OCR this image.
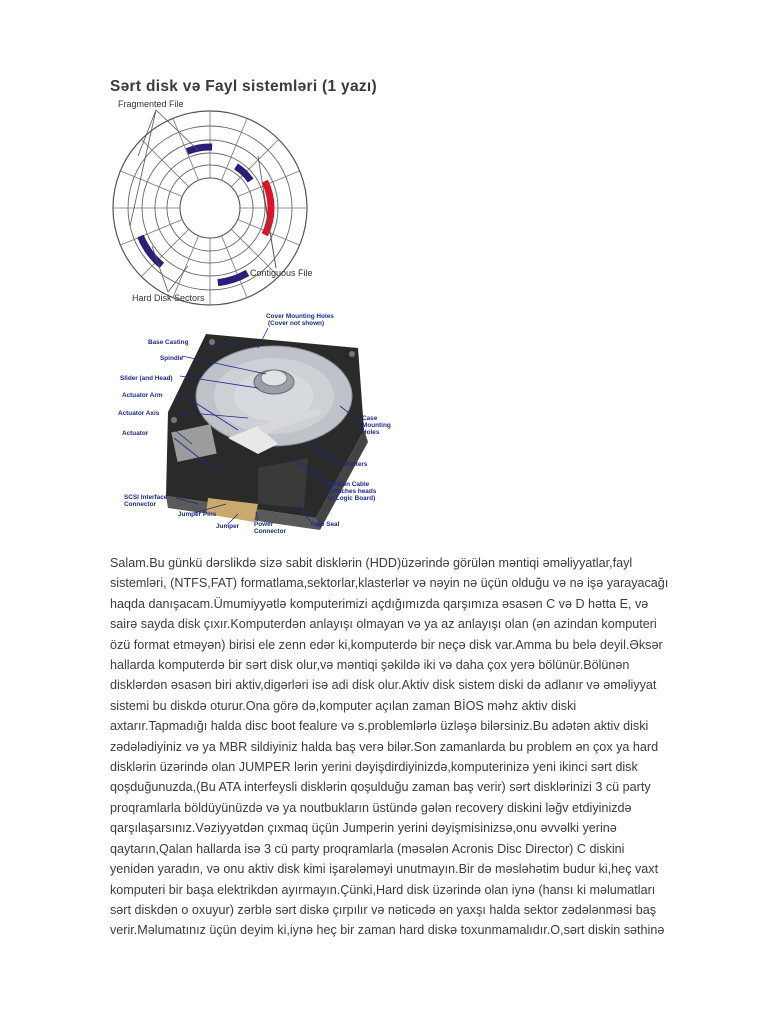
Sərt disk və Fayl sistemləri (1 yazı)
Fragmented File
Contiguous File
Hard Disk Sectors
Cover Mounting Holes (Cover not shown)
Base Casting
Spindle
Slider (and Head)
Actuator Arm
Actuator Axis
Actuator
Case Mounting Holes
Platters
Ribbon Cable (attaches heads to Logic Board)
SCSI Interface Connector
Jumper Pins
Jumper Power Connector
Tape Seal
Salam.Bu günkü dərslikdə sizə sabit disklərin (HDD)üzərində görülən məntiqi əməliyyatlar,fayl
sistemləri, (NTFS,FAT) formatlama,sektorlar,klasterlər və nəyin nə üçün olduğu və nə işə yarayacağı
haqda danışacam.Ümumiyyətlə komputerimizi açdığımızda qarşımıza əsasən C və D hətta E, və
sairə sayda disk çıxır.Komputerdən anlayışı olmayan və ya az anlayışı olan (ən azindan komputeri
özü format etməyən) birisi ele zenn edər ki,komputerdə bir neçə disk var.Amma bu belə deyil.Əksər
hallarda komputerdə bir sərt disk olur,və məntiqi şəkildə iki və daha çox yerə bölünür.Bölünən
disklərdən əsasən biri aktiv,digərləri isə adi disk olur.Aktiv disk sistem diski də adlanır və əməliyyat
sistemi bu diskdə oturur.Ona görə də,komputer açılan zaman BİOS məhz aktiv diski
axtarır.Tapmadığı halda disc boot fealure və s.problemlərlə üzləşə bilərsiniz.Bu adətən aktiv diski
zədələdiyiniz və ya MBR sildiyiniz halda baş verə bilər.Son zamanlarda bu problem ən çox ya hard
disklərin üzərində olan JUMPER lərin yerini dəyişdirdiyinizdə,komputerinizə yeni ikinci sərt disk
qoşduğunuzda,(Bu ATA interfeysli disklərin qoşulduğu zaman baş verir) sərt disklərinizi 3 cü party
proqramlarla böldüyünüzdə və ya noutbukların üstündə gələn recovery diskini ləğv etdiyinizdə
qarşılaşarsınız.Vəziyyətdən çıxmaq üçün Jumperin yerini dəyişmisinizsə,onu əvvəlki yerinə
qaytarın,Qalan hallarda isə 3 cü party proqramlarla (məsələn Acronis Disc Director) C diskini
yenidən yaradın, və onu aktiv disk kimi işarələməyi unutmayın.Bir də məsləhətim budur ki,heç vaxt
komputeri bir başa elektrikdən ayırmayın.Çünki,Hard disk üzərində olan iynə (hansı ki məlumatları
sərt diskdən o oxuyur) zərblə sərt diskə çırpılır və nəticədə ən yaxşı halda sektor zədələnməsi baş
verir.Məlumatınız üçün deyim ki,iynə heç bir zaman hard diskə toxunmamalıdır.O,sərt diskin səthinə
